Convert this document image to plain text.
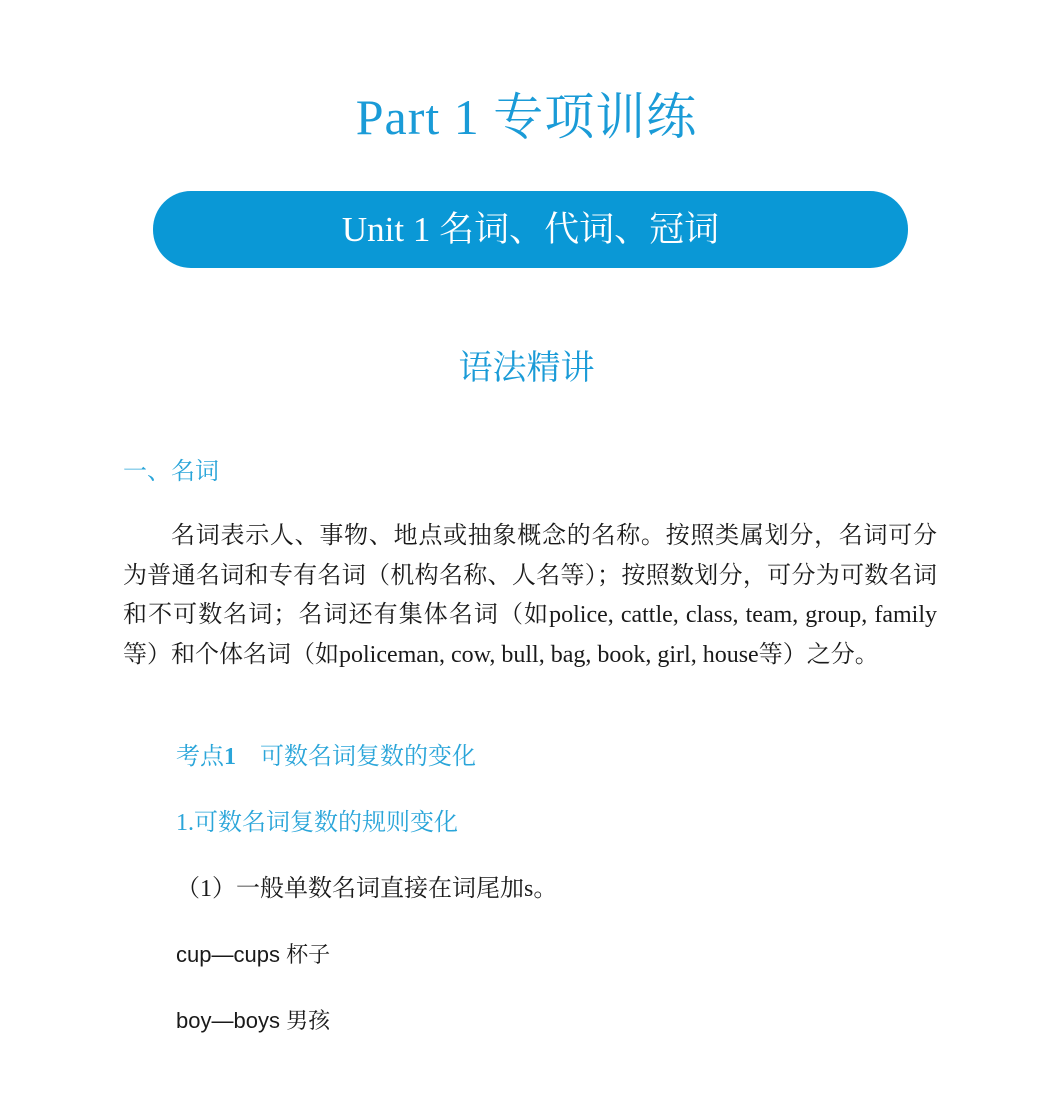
Part 1 专项训练
Unit 1 名词、代词、冠词
语法精讲
一、名词
名词表示人、事物、地点或抽象概念的名称。按照类属划分，名词可分为普通名词和专有名词（机构名称、人名等）；按照数划分，可分为可数名词和不可数名词；名词还有集体名词（如police, cattle, class, team, group, family等）和个体名词（如policeman, cow, bull, bag, book, girl, house等）之分。
考点1 可数名词复数的变化
1.可数名词复数的规则变化
（1）一般单数名词直接在词尾加s。
cup—cups 杯子
boy—boys 男孩
